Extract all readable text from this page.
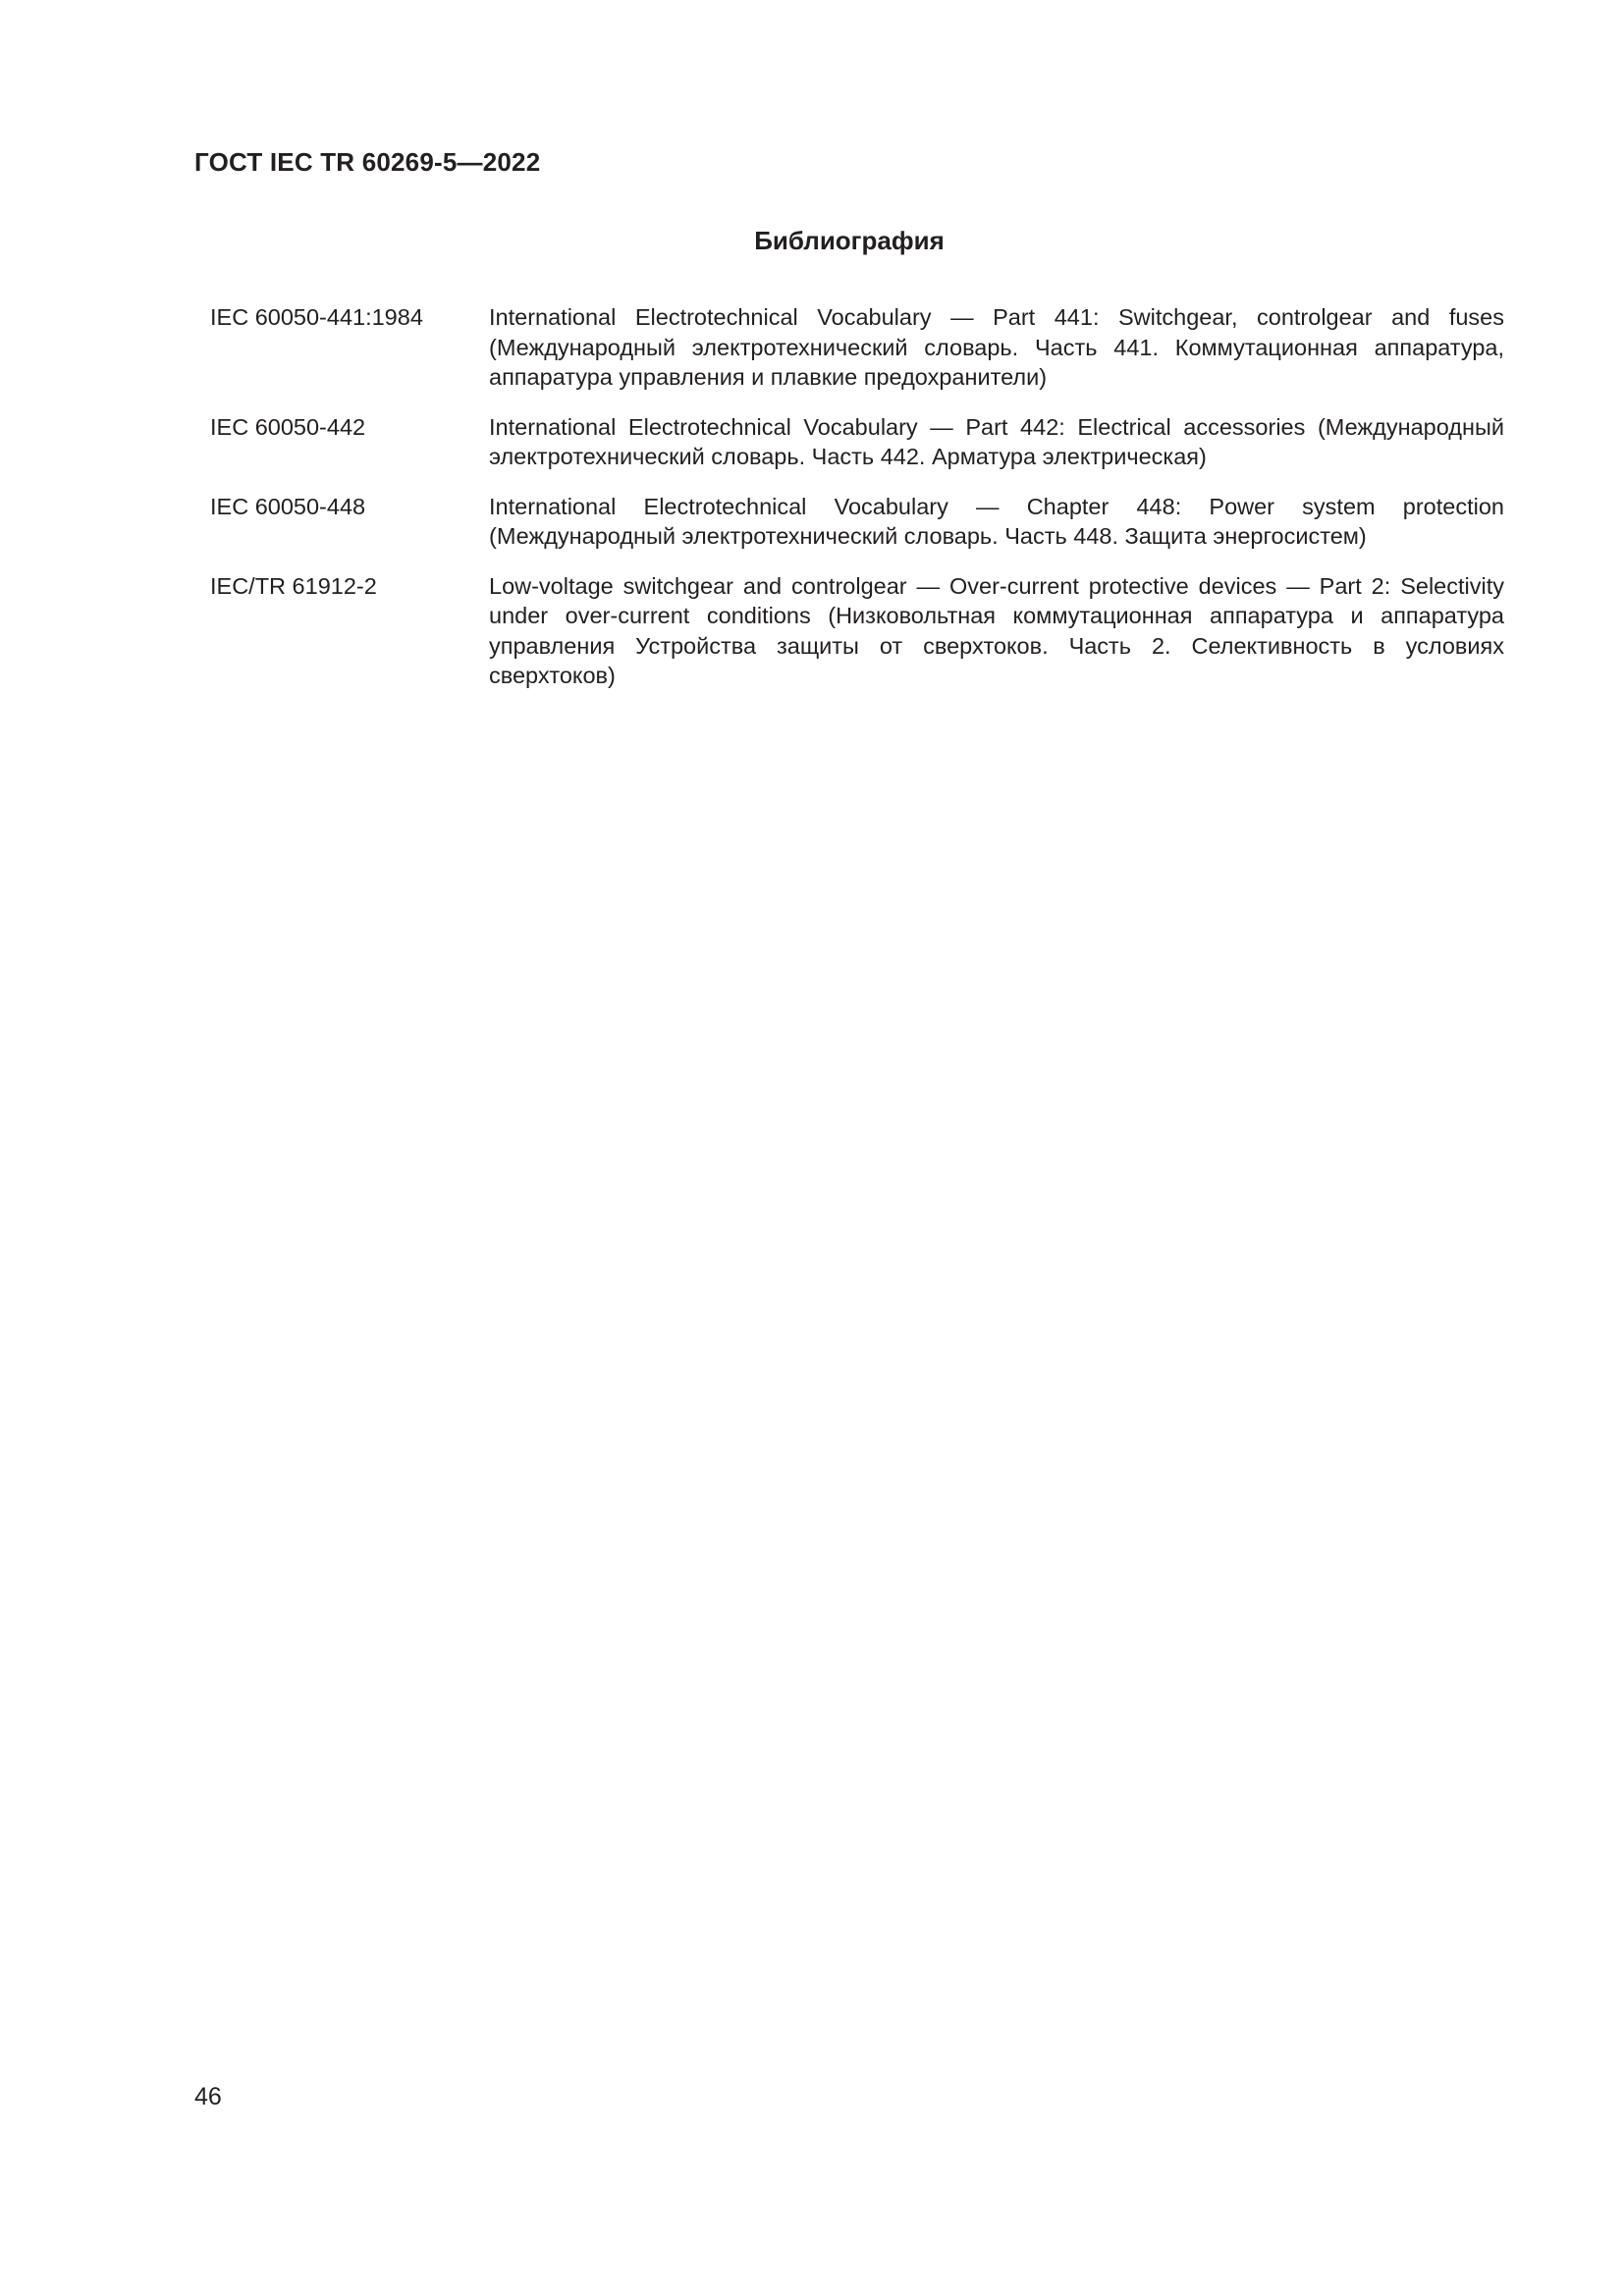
ГОСТ IEC TR 60269-5—2022
Библиография
IEC 60050-441:1984	International Electrotechnical Vocabulary — Part 441: Switchgear, controlgear and fuses (Международный электротехнический словарь. Часть 441. Коммутационная аппаратура, аппаратура управления и плавкие предохранители)
IEC 60050-442	International Electrotechnical Vocabulary — Part 442: Electrical accessories (Международный электротехнический словарь. Часть 442. Арматура электрическая)
IEC 60050-448	International Electrotechnical Vocabulary — Chapter 448: Power system protection (Международный электротехнический словарь. Часть 448. Защита энергосистем)
IEC/TR 61912-2	Low-voltage switchgear and controlgear — Over-current protective devices — Part 2: Selectivity under over-current conditions (Низковольтная коммутационная аппаратура и аппаратура управления Устройства защиты от сверхтоков. Часть 2. Селективность в условиях сверхтоков)
46
